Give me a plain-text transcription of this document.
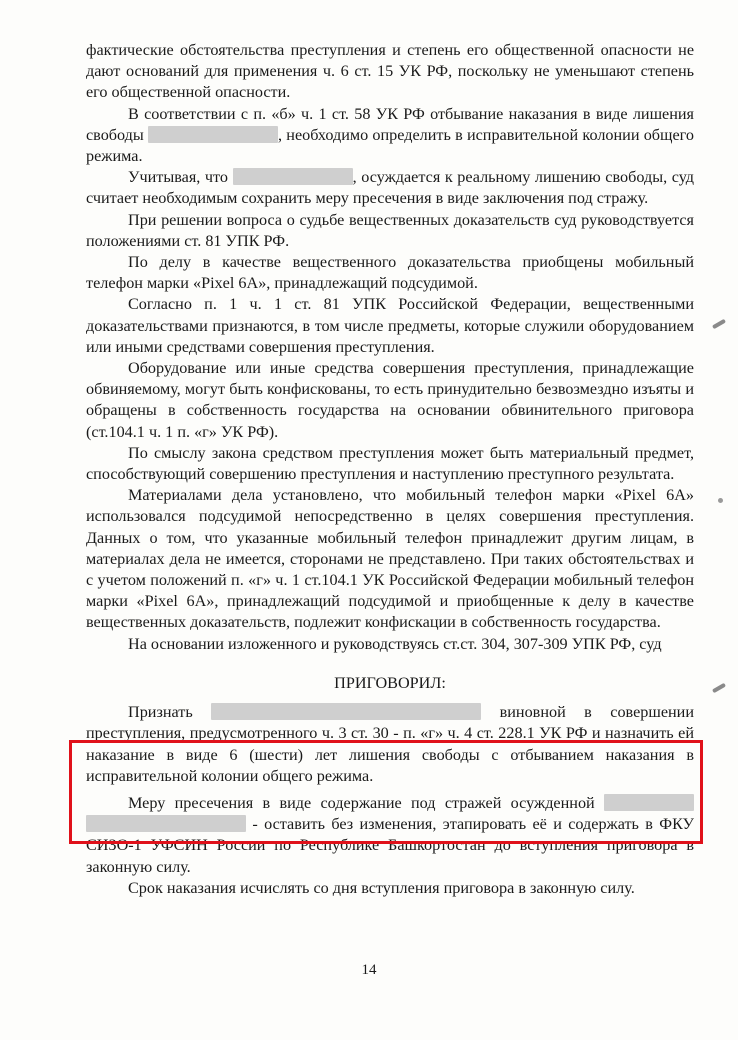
фактические обстоятельства преступления и степень его общественной опасности не дают оснований для применения ч. 6 ст. 15 УК РФ, поскольку не уменьшают степень его общественной опасности.

В соответствии с п. «б» ч. 1 ст. 58 УК РФ отбывание наказания в виде лишения свободы	, необходимо определить в исправительной колонии общего режима.

Учитывая, что	, осуждается к реальному лишению свободы, суд считает необходимым сохранить меру пресечения в виде заключения под стражу.

При решении вопроса о судьбе вещественных доказательств суд руководствуется положениями ст. 81 УПК РФ.

По делу в качестве вещественного доказательства приобщены мобильный телефон марки «Pixel 6A», принадлежащий подсудимой.

Согласно п. 1 ч. 1 ст. 81 УПК Российской Федерации, вещественными доказательствами признаются, в том числе предметы, которые служили оборудованием или иными средствами совершения преступления.

Оборудование или иные средства совершения преступления, принадлежащие обвиняемому, могут быть конфискованы, то есть принудительно безвозмездно изъяты и обращены в собственность государства на основании обвинительного приговора (ст.104.1 ч. 1 п. «г» УК РФ).

По смыслу закона средством преступления может быть материальный предмет, способствующий совершению преступления и наступлению преступного результата.

Материалами дела установлено, что мобильный телефон марки «Pixel 6A» использовался подсудимой непосредственно в целях совершения преступления. Данных о том, что указанные мобильный телефон принадлежит другим лицам, в материалах дела не имеется, сторонами не представлено. При таких обстоятельствах и с учетом положений п. «г» ч. 1 ст.104.1 УК Российской Федерации мобильный телефон марки «Pixel 6A», принадлежащий подсудимой и приобщенные к делу в качестве вещественных доказательств, подлежит конфискации в собственность государства.

На основании изложенного и руководствуясь ст.ст. 304, 307-309 УПК РФ, суд

ПРИГОВОРИЛ:

Признать	виновной в совершении преступления, предусмотренного ч. 3 ст. 30 - п. «г» ч. 4 ст. 228.1 УК РФ и назначить ей наказание в виде 6 (шести) лет лишения свободы с отбыванием наказания в исправительной колонии общего режима.

Меру пресечения в виде содержание под стражей осужденной   - оставить без изменения, этапировать её и содержать в ФКУ СИЗО-1 УФСИН России по Республике Башкортостан до вступления приговора в законную силу.

Срок наказания исчислять со дня вступления приговора в законную силу.

14
